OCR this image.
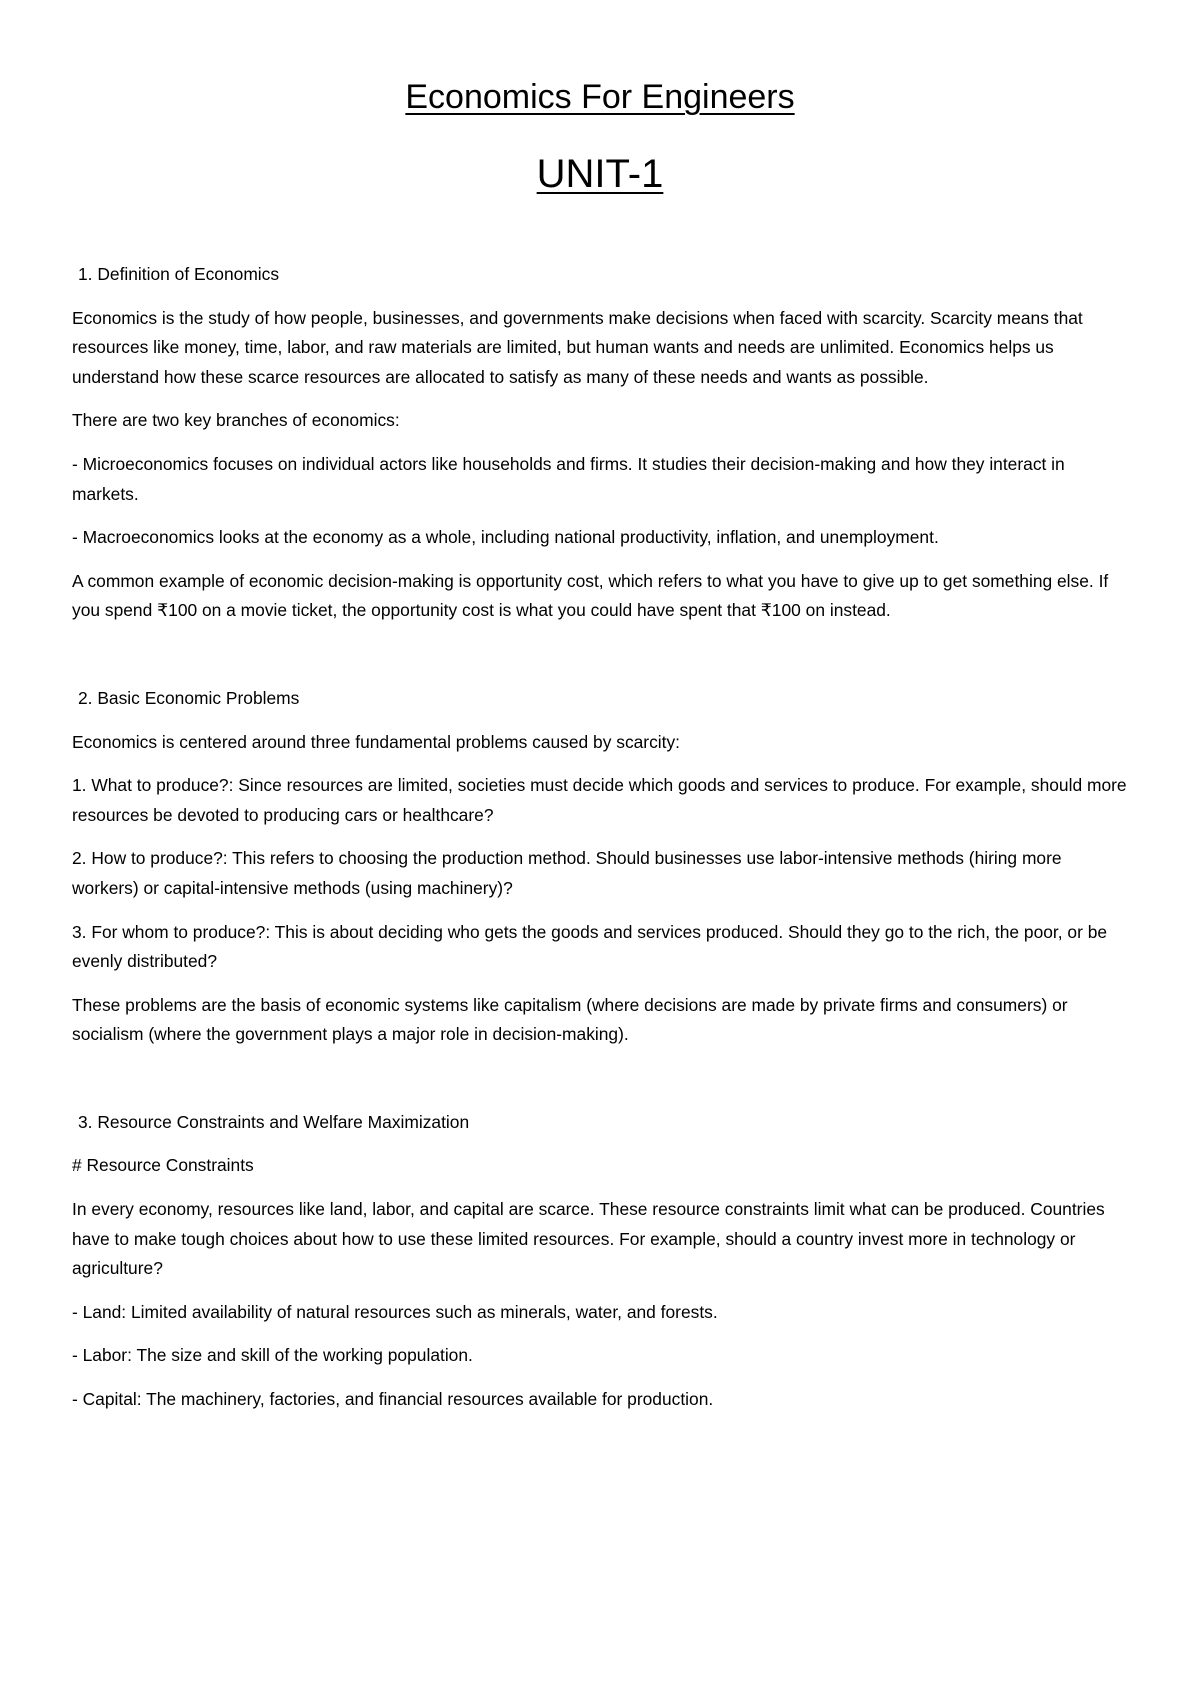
Economics For Engineers
UNIT-1

1. Definition of Economics

Economics is the study of how people, businesses, and governments make decisions when faced with scarcity. Scarcity means that resources like money, time, labor, and raw materials are limited, but human wants and needs are unlimited. Economics helps us understand how these scarce resources are allocated to satisfy as many of these needs and wants as possible.

There are two key branches of economics:

- Microeconomics focuses on individual actors like households and firms. It studies their decision-making and how they interact in markets.

- Macroeconomics looks at the economy as a whole, including national productivity, inflation, and unemployment.

A common example of economic decision-making is opportunity cost, which refers to what you have to give up to get something else. If you spend ₹100 on a movie ticket, the opportunity cost is what you could have spent that ₹100 on instead.

2. Basic Economic Problems

Economics is centered around three fundamental problems caused by scarcity:

1. What to produce?: Since resources are limited, societies must decide which goods and services to produce. For example, should more resources be devoted to producing cars or healthcare?

2. How to produce?: This refers to choosing the production method. Should businesses use labor-intensive methods (hiring more workers) or capital-intensive methods (using machinery)?

3. For whom to produce?: This is about deciding who gets the goods and services produced. Should they go to the rich, the poor, or be evenly distributed?

These problems are the basis of economic systems like capitalism (where decisions are made by private firms and consumers) or socialism (where the government plays a major role in decision-making).

3. Resource Constraints and Welfare Maximization

# Resource Constraints

In every economy, resources like land, labor, and capital are scarce. These resource constraints limit what can be produced. Countries have to make tough choices about how to use these limited resources. For example, should a country invest more in technology or agriculture?

- Land: Limited availability of natural resources such as minerals, water, and forests.

- Labor: The size and skill of the working population.

- Capital: The machinery, factories, and financial resources available for production.
